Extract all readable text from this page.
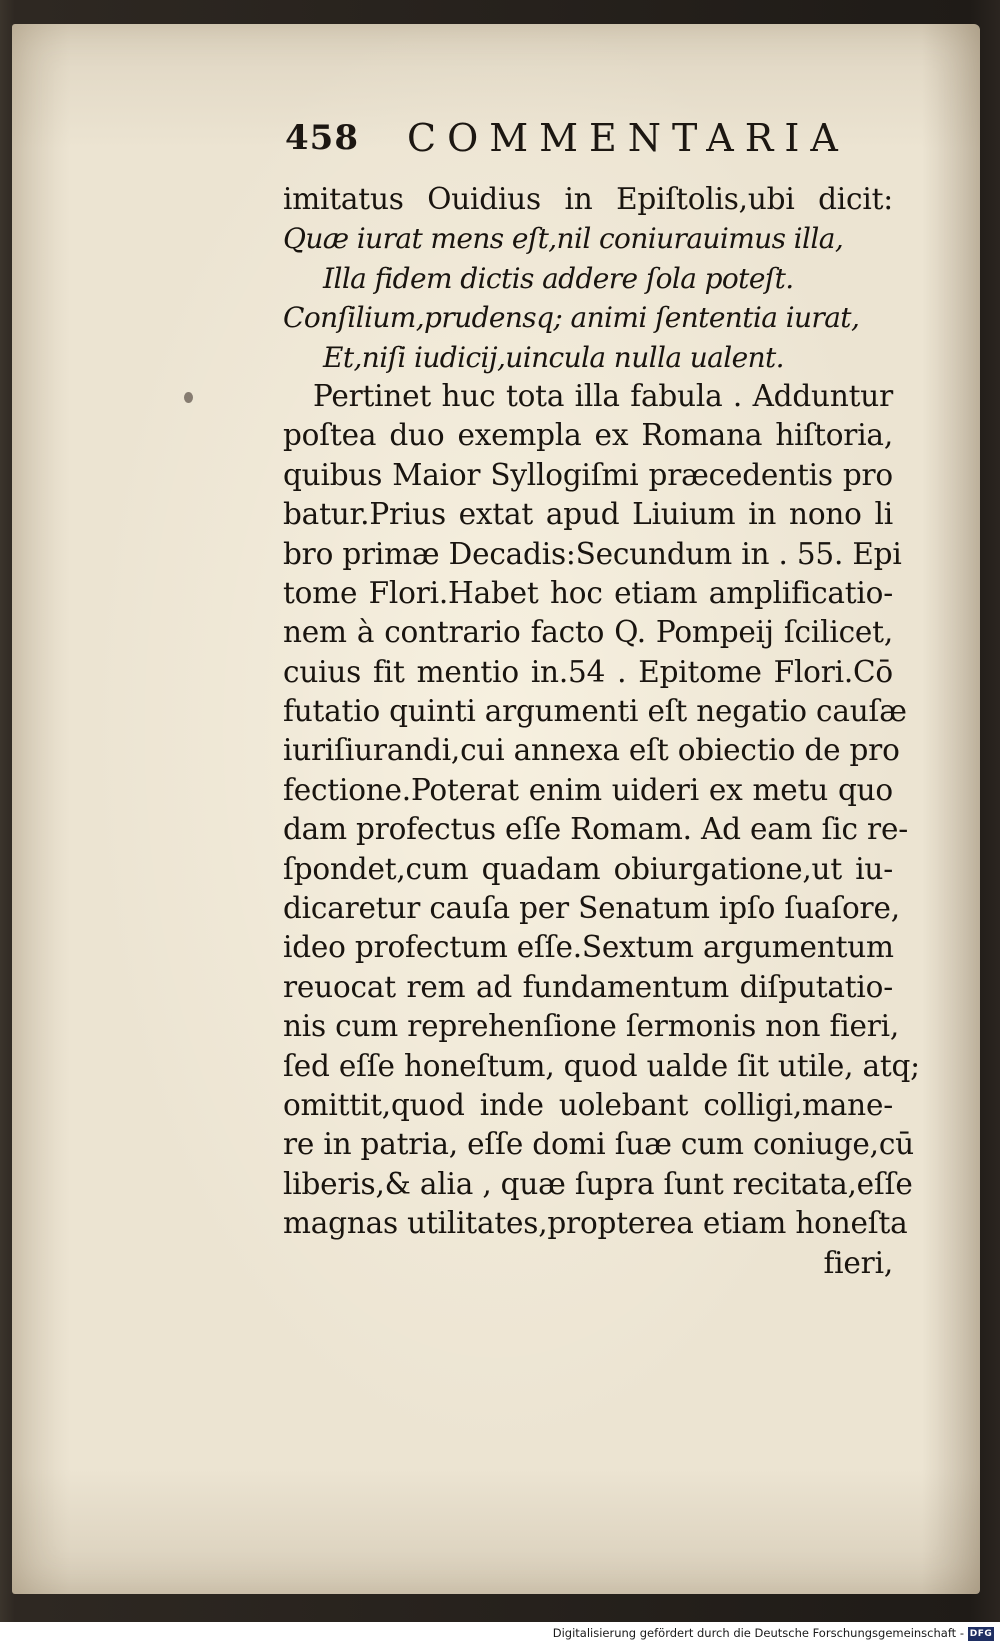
458 COMMENTARIA
imitatus Ouidius in Epiſtolis,ubi dicit:
Quæ iurat mens eſt,nil coniurauimus illa,
Illa fidem dictis addere ſola poteſt.
Conſilium,prudensq; animi ſententia iurat,
Et,niſi iudicij,uincula nulla ualent.
Pertinet huc tota illa fabula . Adduntur
poſtea duo exempla ex Romana hiſtoria,
quibus Maior Syllogiſmi præcedentis pro
batur.Prius extat apud Liuium in nono li
bro primæ Decadis:Secundum in . 55. Epi
tome Flori.Habet hoc etiam amplificatio-
nem à contrario facto Q. Pompeij ſcilicet,
cuius fit mentio in.54 . Epitome Flori.Cō
futatio quinti argumenti eſt negatio cauſæ
iuriſiurandi,cui annexa eſt obiectio de pro
fectione.Poterat enim uideri ex metu quo
dam profectus eſſe Romam. Ad eam ſic re-
ſpondet,cum quadam obiurgatione,ut iu-
dicaretur cauſa per Senatum ipſo ſuaſore,
ideo profectum eſſe.Sextum argumentum
reuocat rem ad fundamentum diſputatio-
nis cum reprehenſione ſermonis non fieri,
ſed eſſe honeſtum, quod ualde ſit utile, atq;
omittit,quod inde uolebant colligi,mane-
re in patria, eſſe domi ſuæ cum coniuge,cū
liberis,& alia , quæ ſupra ſunt recitata,eſſe
magnas utilitates,propterea etiam honeſta
fieri,
Digitalisierung gefördert durch die Deutsche Forschungsgemeinschaft - DFG
